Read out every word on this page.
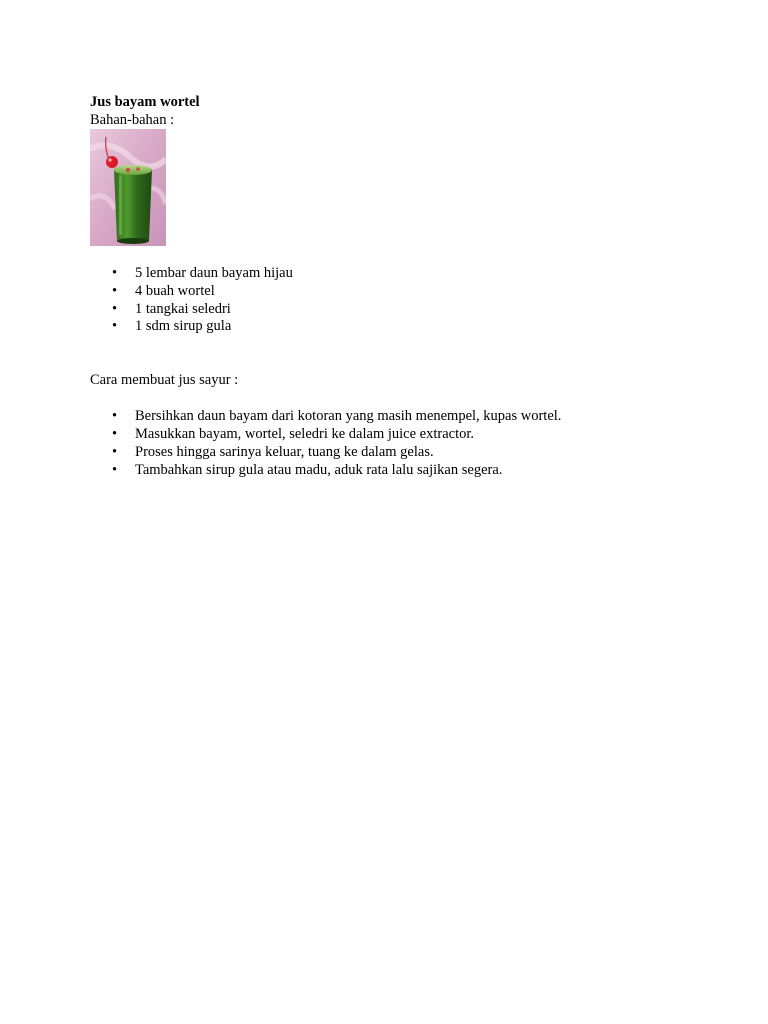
Jus bayam wortel

Bahan-bahan :

• 5 lembar daun bayam hijau
• 4 buah wortel
• 1 tangkai seledri
• 1 sdm sirup gula

Cara membuat jus sayur :

• Bersihkan daun bayam dari kotoran yang masih menempel, kupas wortel.
• Masukkan bayam, wortel, seledri ke dalam juice extractor.
• Proses hingga sarinya keluar, tuang ke dalam gelas.
• Tambahkan sirup gula atau madu, aduk rata lalu sajikan segera.
